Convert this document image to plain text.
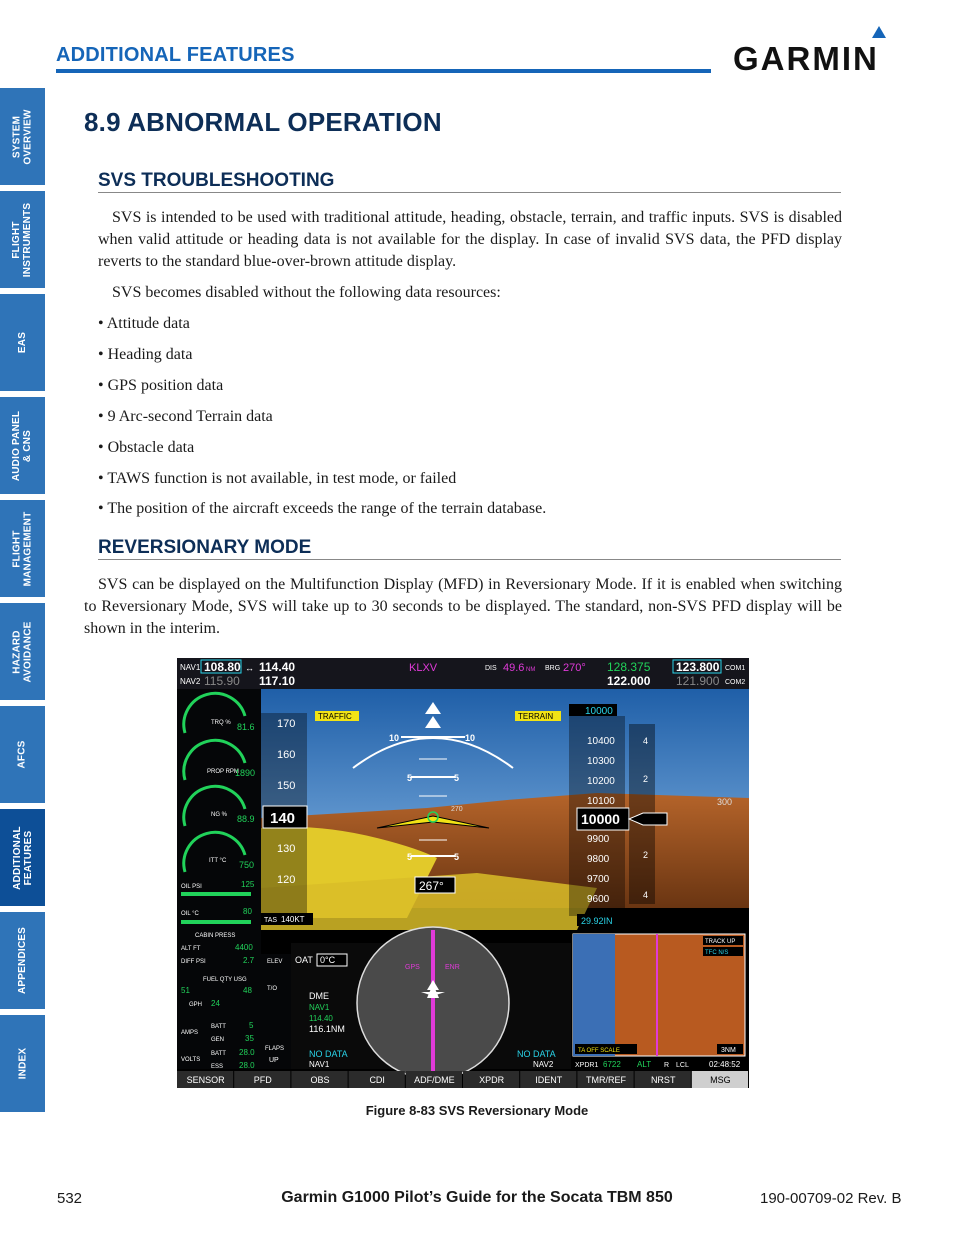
ADDITIONAL FEATURES	GARMIN
SYSTEM
OVERVIEW
FLIGHT
INSTRUMENTS
EAS
AUDIO PANEL
& CNS
FLIGHT
MANAGEMENT
HAZARD
AVOIDANCE
AFCS
ADDITIONAL
FEATURES
APPENDICES
INDEX
8.9 ABNORMAL OPERATION
SVS TROUBLESHOOTING
SVS is intended to be used with traditional attitude, heading, obstacle, terrain, and traffic inputs. SVS is disabled when valid attitude or heading data is not available for the display. In case of invalid SVS data, the PFD display reverts to the standard blue-over-brown attitude display.
SVS becomes disabled without the following data resources:
• Attitude data
• Heading data
• GPS position data
• 9 Arc-second Terrain data
• Obstacle data
• TAWS function is not available, in test mode, or failed
• The position of the aircraft exceeds the range of the terrain database.
REVERSIONARY MODE
SVS can be displayed on the Multifunction Display (MFD) in Reversionary Mode. If it is enabled when switching to Reversionary Mode, SVS will take up to 30 seconds to be displayed. The standard, non-SVS PFD display will be shown in the interim.
NAV1
NAV2
108.80 ↔ 114.40
115.90 117.10
KLXV	DIS 49.6 NM BRG 270° 128.375 123.800 COM1
122.000 121.900 COM2
TRQ % 81.6
PROP RPM
1890
NG % 88.9
ITT °C 750
OIL PSI	125
OIL °C	80
CABIN PRESS
ALT FT	4400
DIFF PSI	2.7
FUEL QTY USG
51	48
GPH 24
BATT
AMPS
5
GEN	35
BATT
VOLTS
28.0
ESS 28.0
ELEV
T/O
FLAPS
UP
300
270
TRAFFIC	TERRAIN
10	10
5	5
5	5
170
160
150
130
120
140
TAS 140KT
10000
10400
10300
10200
10100
9900
9800
9700
9600
10000
4
2
2
4
29.92IN
267°
GPS	ENR
OAT 0°C
DME
NAV1
114.40
116.1NM
NO DATA
NAV1
NO DATA
NAV2
TRACK UP
TFC N/S
TA OFF SCALE	3NM
XPDR1 6722 ALT R LCL	02:48:52
SENSOR	PFD	OBS	CDI	ADF/DME	XPDR	IDENT	TMR/REF	NRST	MSG
Figure 8-83 SVS Reversionary Mode
532	Garmin G1000 Pilot’s Guide for the Socata TBM 850	190-00709-02 Rev. B
